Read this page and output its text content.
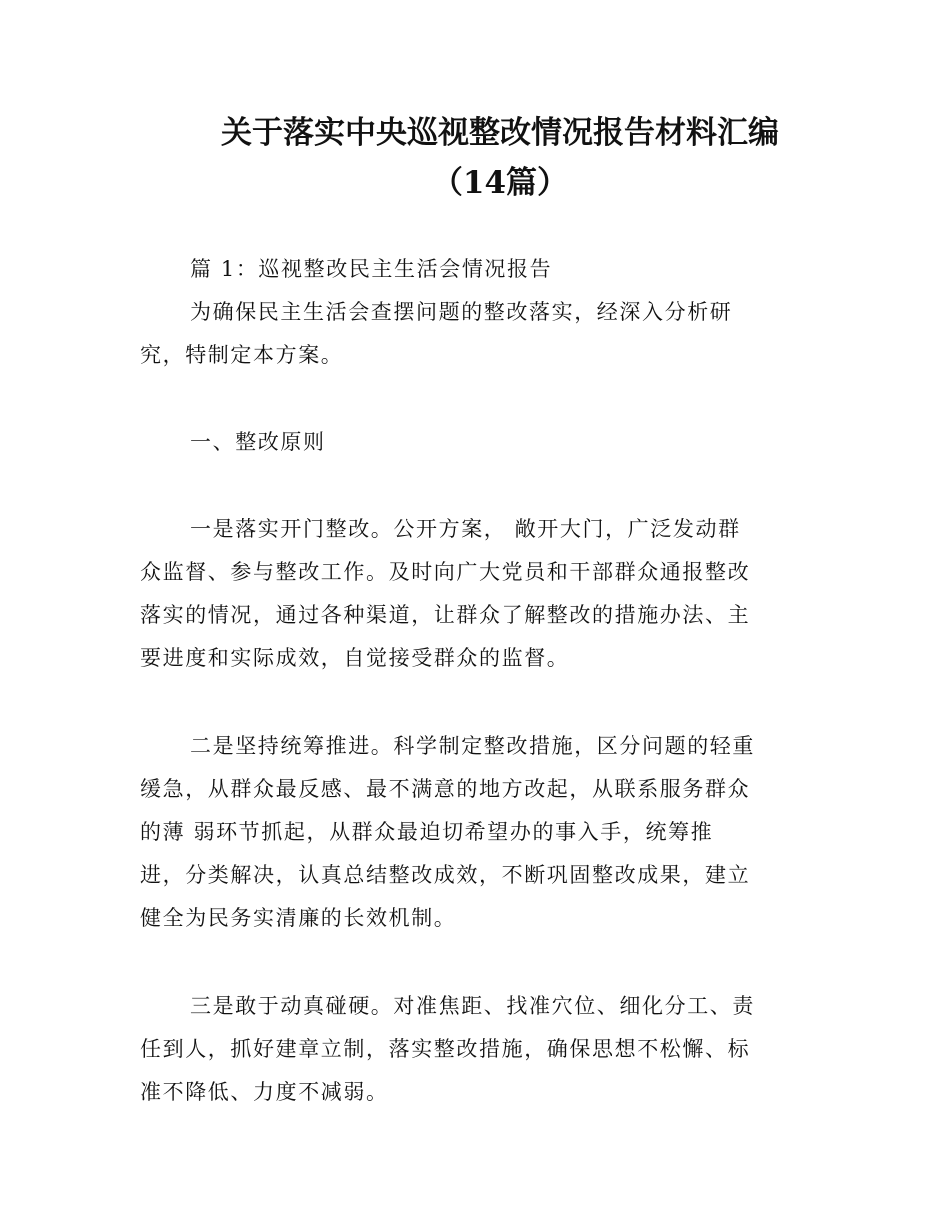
关于落实中央巡视整改情况报告材料汇编
（14篇）
篇 1：巡视整改民主生活会情况报告
为确保民主生活会查摆问题的整改落实，经深入分析研
究，特制定本方案。
一、整改原则
一是落实开门整改。公开方案， 敞开大门，广泛发动群
众监督、参与整改工作。及时向广大党员和干部群众通报整改
落实的情况，通过各种渠道，让群众了解整改的措施办法、主
要进度和实际成效，自觉接受群众的监督。
二是坚持统筹推进。科学制定整改措施，区分问题的轻重
缓急，从群众最反感、最不满意的地方改起，从联系服务群众
的薄 弱环节抓起，从群众最迫切希望办的事入手，统筹推
进，分类解决，认真总结整改成效，不断巩固整改成果，建立
健全为民务实清廉的长效机制。
三是敢于动真碰硬。对准焦距、找准穴位、细化分工、责
任到人，抓好建章立制，落实整改措施，确保思想不松懈、标
准不降低、力度不减弱。
